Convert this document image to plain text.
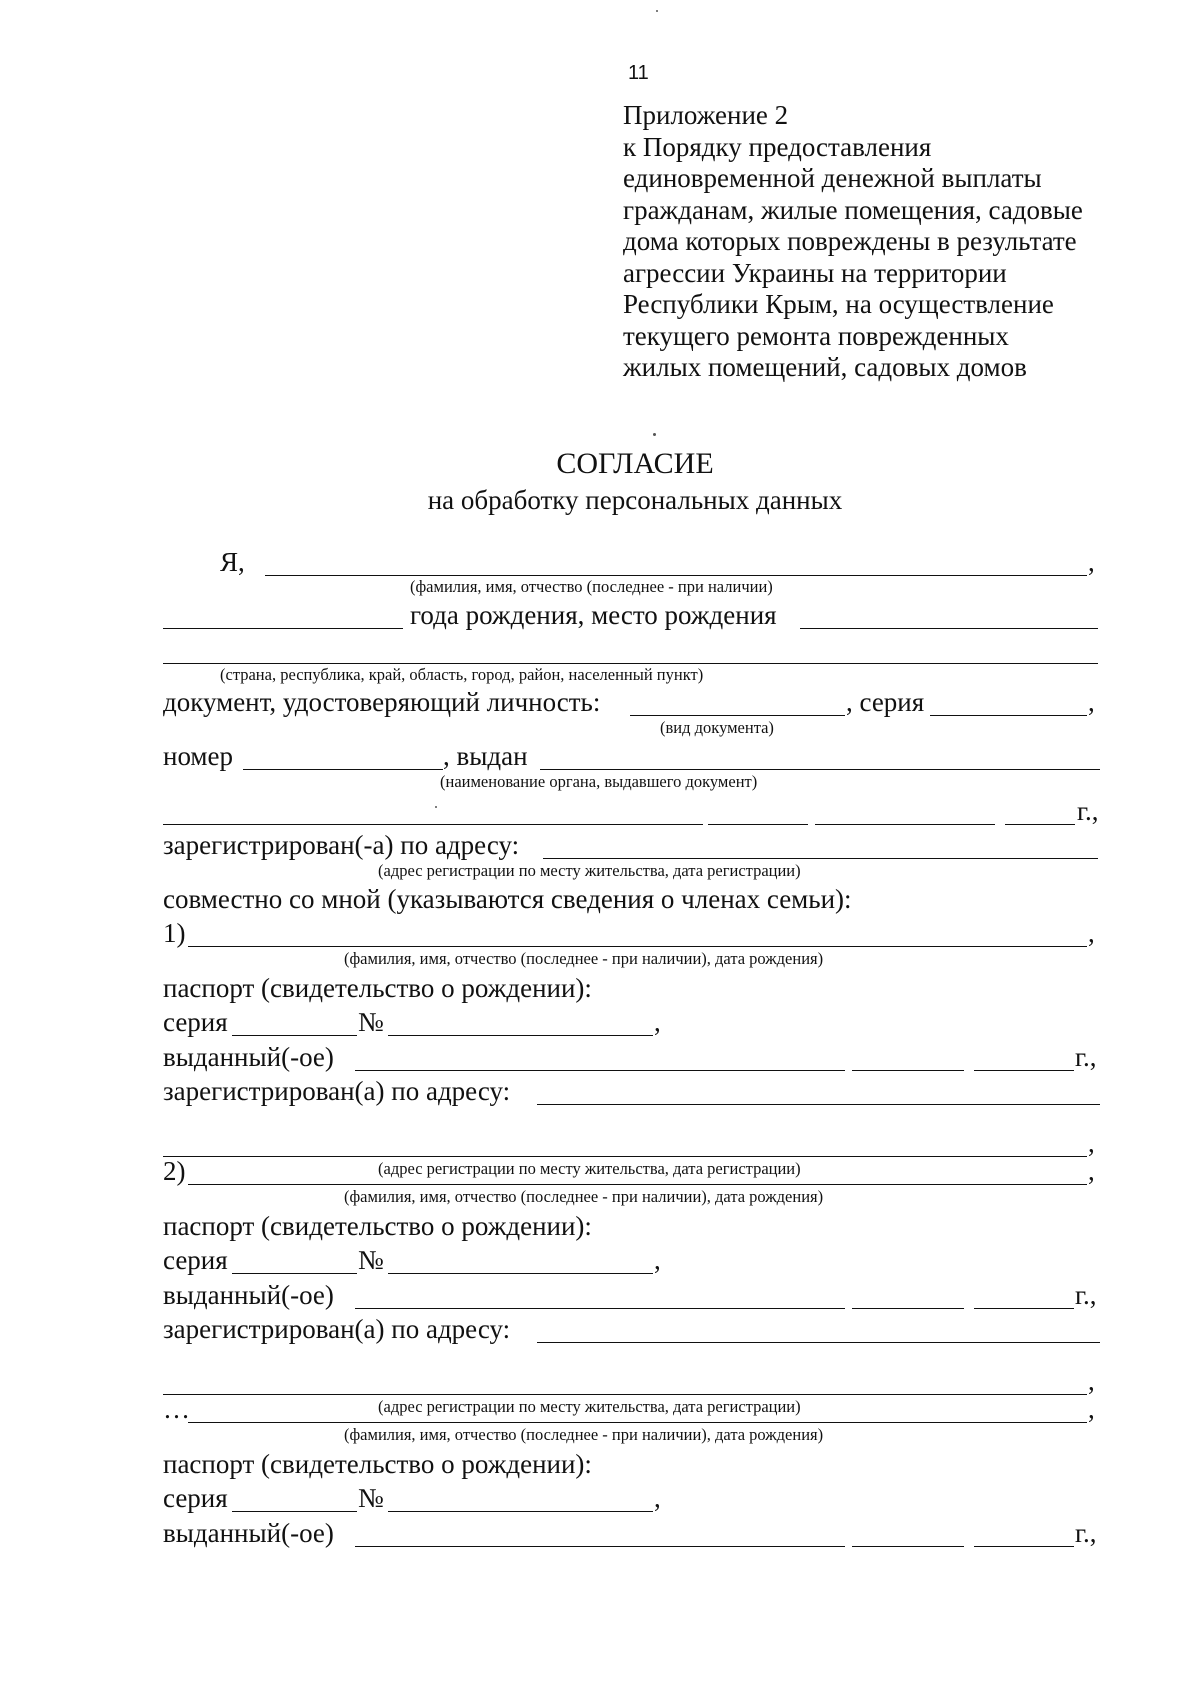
11
Приложение 2
к Порядку предоставления
единовременной денежной выплаты
гражданам, жилые помещения, садовые
дома которых повреждены в результате
агрессии Украины на территории
Республики Крым, на осуществление
текущего ремонта поврежденных
жилых помещений, садовых домов
СОГЛАСИЕ
на обработку персональных данных
Я,	,
(фамилия, имя, отчество (последнее - при наличии)
года рождения, место рождения
(страна, республика, край, область, город, район, населенный пункт)
документ, удостоверяющий личность:	, серия	,
(вид документа)
номер	, выдан
(наименование органа, выдавшего документ)
г.,
зарегистрирован(-а) по адресу:
(адрес регистрации по месту жительства, дата регистрации)
совместно со мной (указываются сведения о членах семьи):
1)	,
(фамилия, имя, отчество (последнее - при наличии), дата рождения)
паспорт (свидетельство о рождении):
серия	№	,
выданный(-ое)	г.,
зарегистрирован(а) по адресу:
,
(адрес регистрации по месту жительства, дата регистрации)
2)	,
(фамилия, имя, отчество (последнее - при наличии), дата рождения)
паспорт (свидетельство о рождении):
серия	№	,
выданный(-ое)	г.,
зарегистрирован(а) по адресу:
,
(адрес регистрации по месту жительства, дата регистрации)
…	,
(фамилия, имя, отчество (последнее - при наличии), дата рождения)
паспорт (свидетельство о рождении):
серия	№	,
выданный(-ое)	г.,
